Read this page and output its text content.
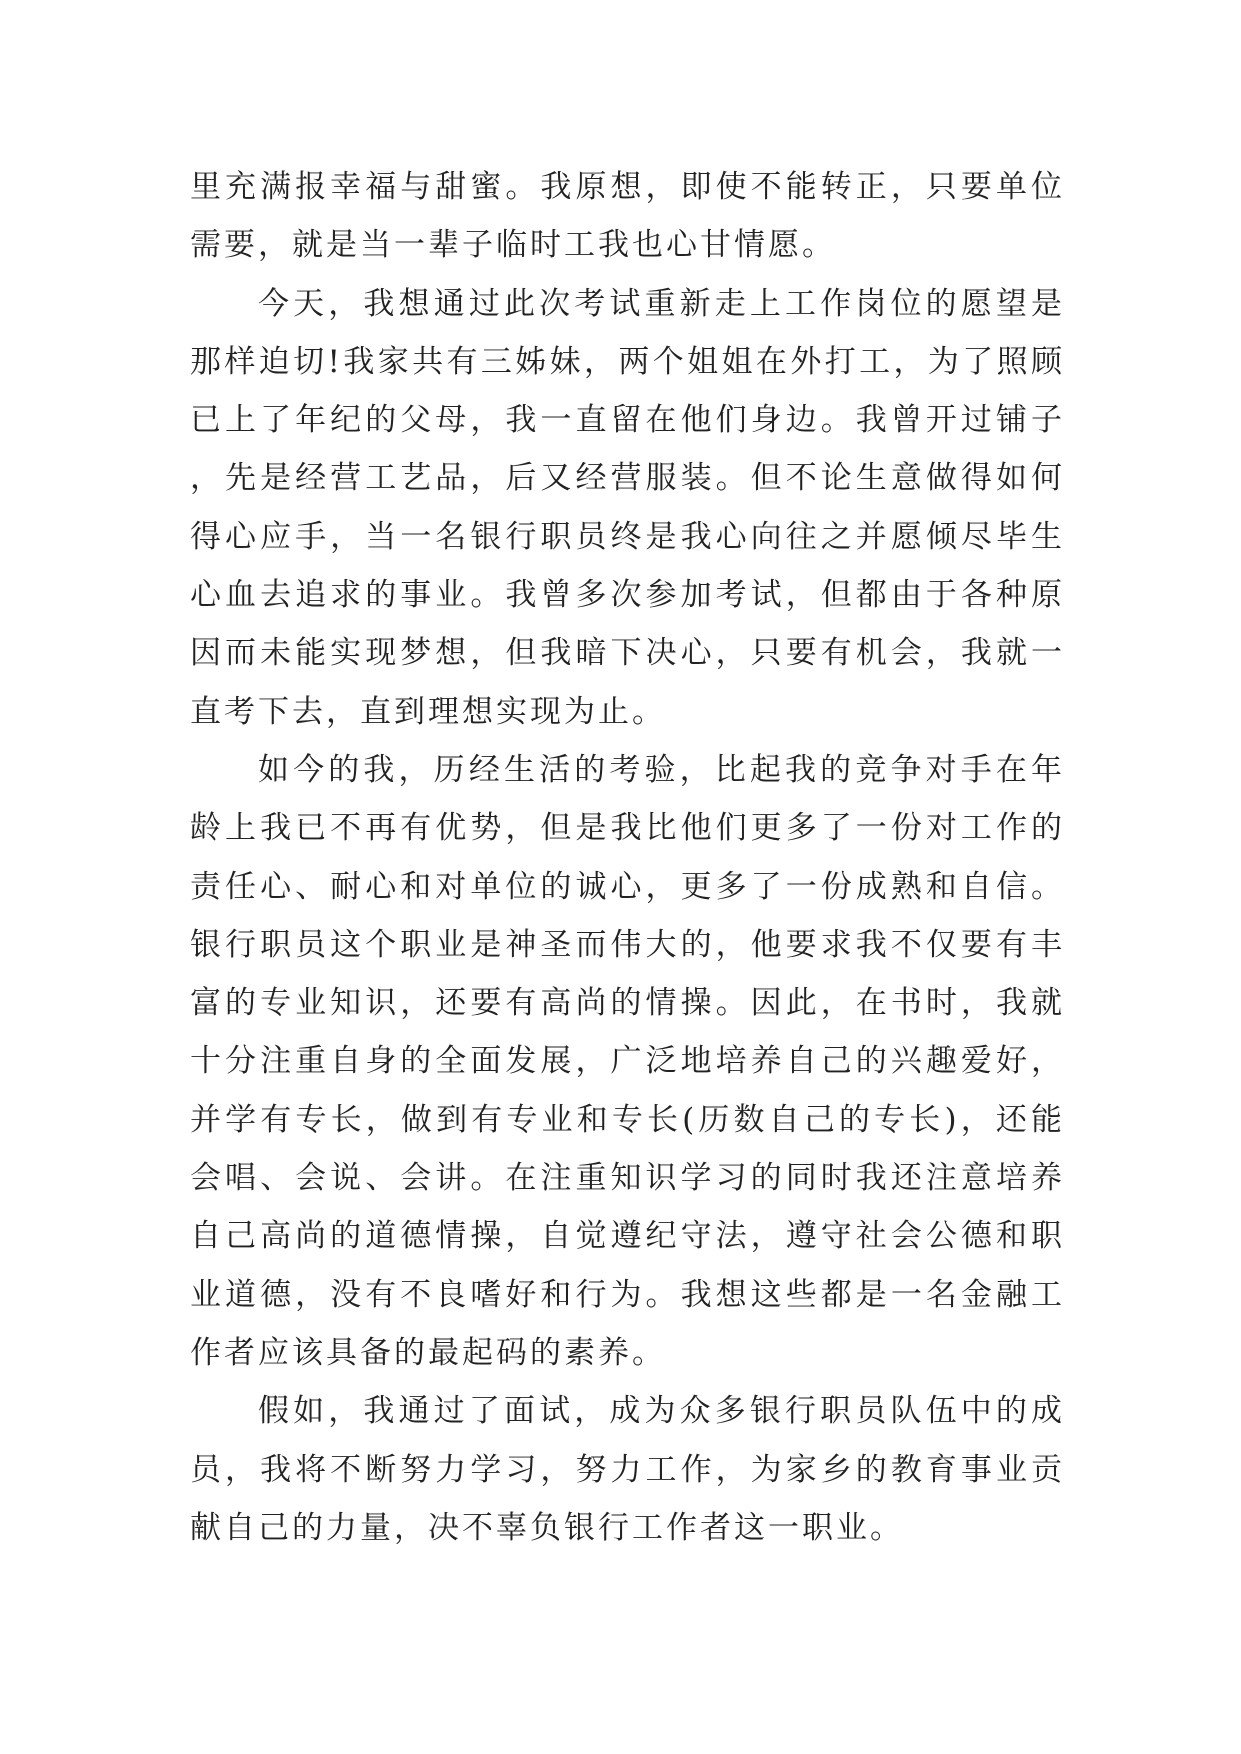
里充满报幸福与甜蜜。我原想，即使不能转正，只要单位需要，就是当一辈子临时工我也心甘情愿。

今天，我想通过此次考试重新走上工作岗位的愿望是那样迫切!我家共有三姊妹，两个姐姐在外打工，为了照顾已上了年纪的父母，我一直留在他们身边。我曾开过铺子，先是经营工艺品，后又经营服装。但不论生意做得如何得心应手，当一名银行职员终是我心向往之并愿倾尽毕生心血去追求的事业。我曾多次参加考试，但都由于各种原因而未能实现梦想，但我暗下决心，只要有机会，我就一直考下去，直到理想实现为止。

如今的我，历经生活的考验，比起我的竞争对手在年龄上我已不再有优势，但是我比他们更多了一份对工作的责任心、耐心和对单位的诚心，更多了一份成熟和自信。银行职员这个职业是神圣而伟大的，他要求我不仅要有丰富的专业知识，还要有高尚的情操。因此，在书时，我就十分注重自身的全面发展，广泛地培养自己的兴趣爱好，并学有专长，做到有专业和专长(历数自己的专长)，还能会唱、会说、会讲。在注重知识学习的同时我还注意培养自己高尚的道德情操，自觉遵纪守法，遵守社会公德和职业道德，没有不良嗜好和行为。我想这些都是一名金融工作者应该具备的最起码的素养。

假如，我通过了面试，成为众多银行职员队伍中的成员，我将不断努力学习，努力工作，为家乡的教育事业贡献自己的力量，决不辜负银行工作者这一职业。
